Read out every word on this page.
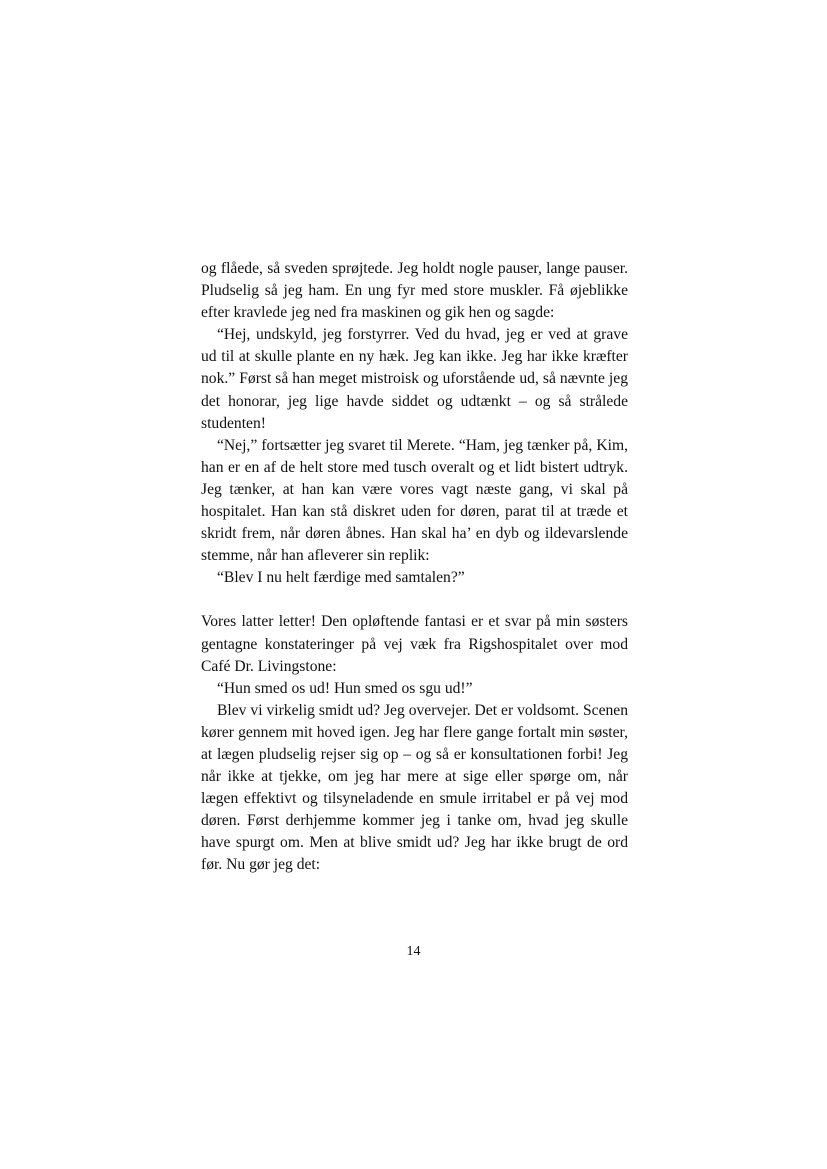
og flåede, så sveden sprøjtede. Jeg holdt nogle pauser, lange pauser. Pludselig så jeg ham. En ung fyr med store muskler. Få øjeblikke efter kravlede jeg ned fra maskinen og gik hen og sagde:

“Hej, undskyld, jeg forstyrrer. Ved du hvad, jeg er ved at grave ud til at skulle plante en ny hæk. Jeg kan ikke. Jeg har ikke kræfter nok.” Først så han meget mistroisk og uforstående ud, så nævnte jeg det honorar, jeg lige havde siddet og udtænkt – og så strålede studenten!

“Nej,” fortsætter jeg svaret til Merete. “Ham, jeg tænker på, Kim, han er en af de helt store med tusch overalt og et lidt bistert udtryk. Jeg tænker, at han kan være vores vagt næste gang, vi skal på hospitalet. Han kan stå diskret uden for døren, parat til at træde et skridt frem, når døren åbnes. Han skal ha’ en dyb og ildevarslende stemme, når han afleverer sin replik:

“Blev I nu helt færdige med samtalen?”

Vores latter letter! Den opløftende fantasi er et svar på min søsters gentagne konstateringer på vej væk fra Rigshospitalet over mod Café Dr. Livingstone:

“Hun smed os ud! Hun smed os sgu ud!”

Blev vi virkelig smidt ud? Jeg overvejer. Det er voldsomt. Scenen kører gennem mit hoved igen. Jeg har flere gange fortalt min søster, at lægen pludselig rejser sig op – og så er konsultationen forbi! Jeg når ikke at tjekke, om jeg har mere at sige eller spørge om, når lægen effektivt og tilsyneladende en smule irritabel er på vej mod døren. Først derhjemme kommer jeg i tanke om, hvad jeg skulle have spurgt om. Men at blive smidt ud? Jeg har ikke brugt de ord før. Nu gør jeg det:

14
